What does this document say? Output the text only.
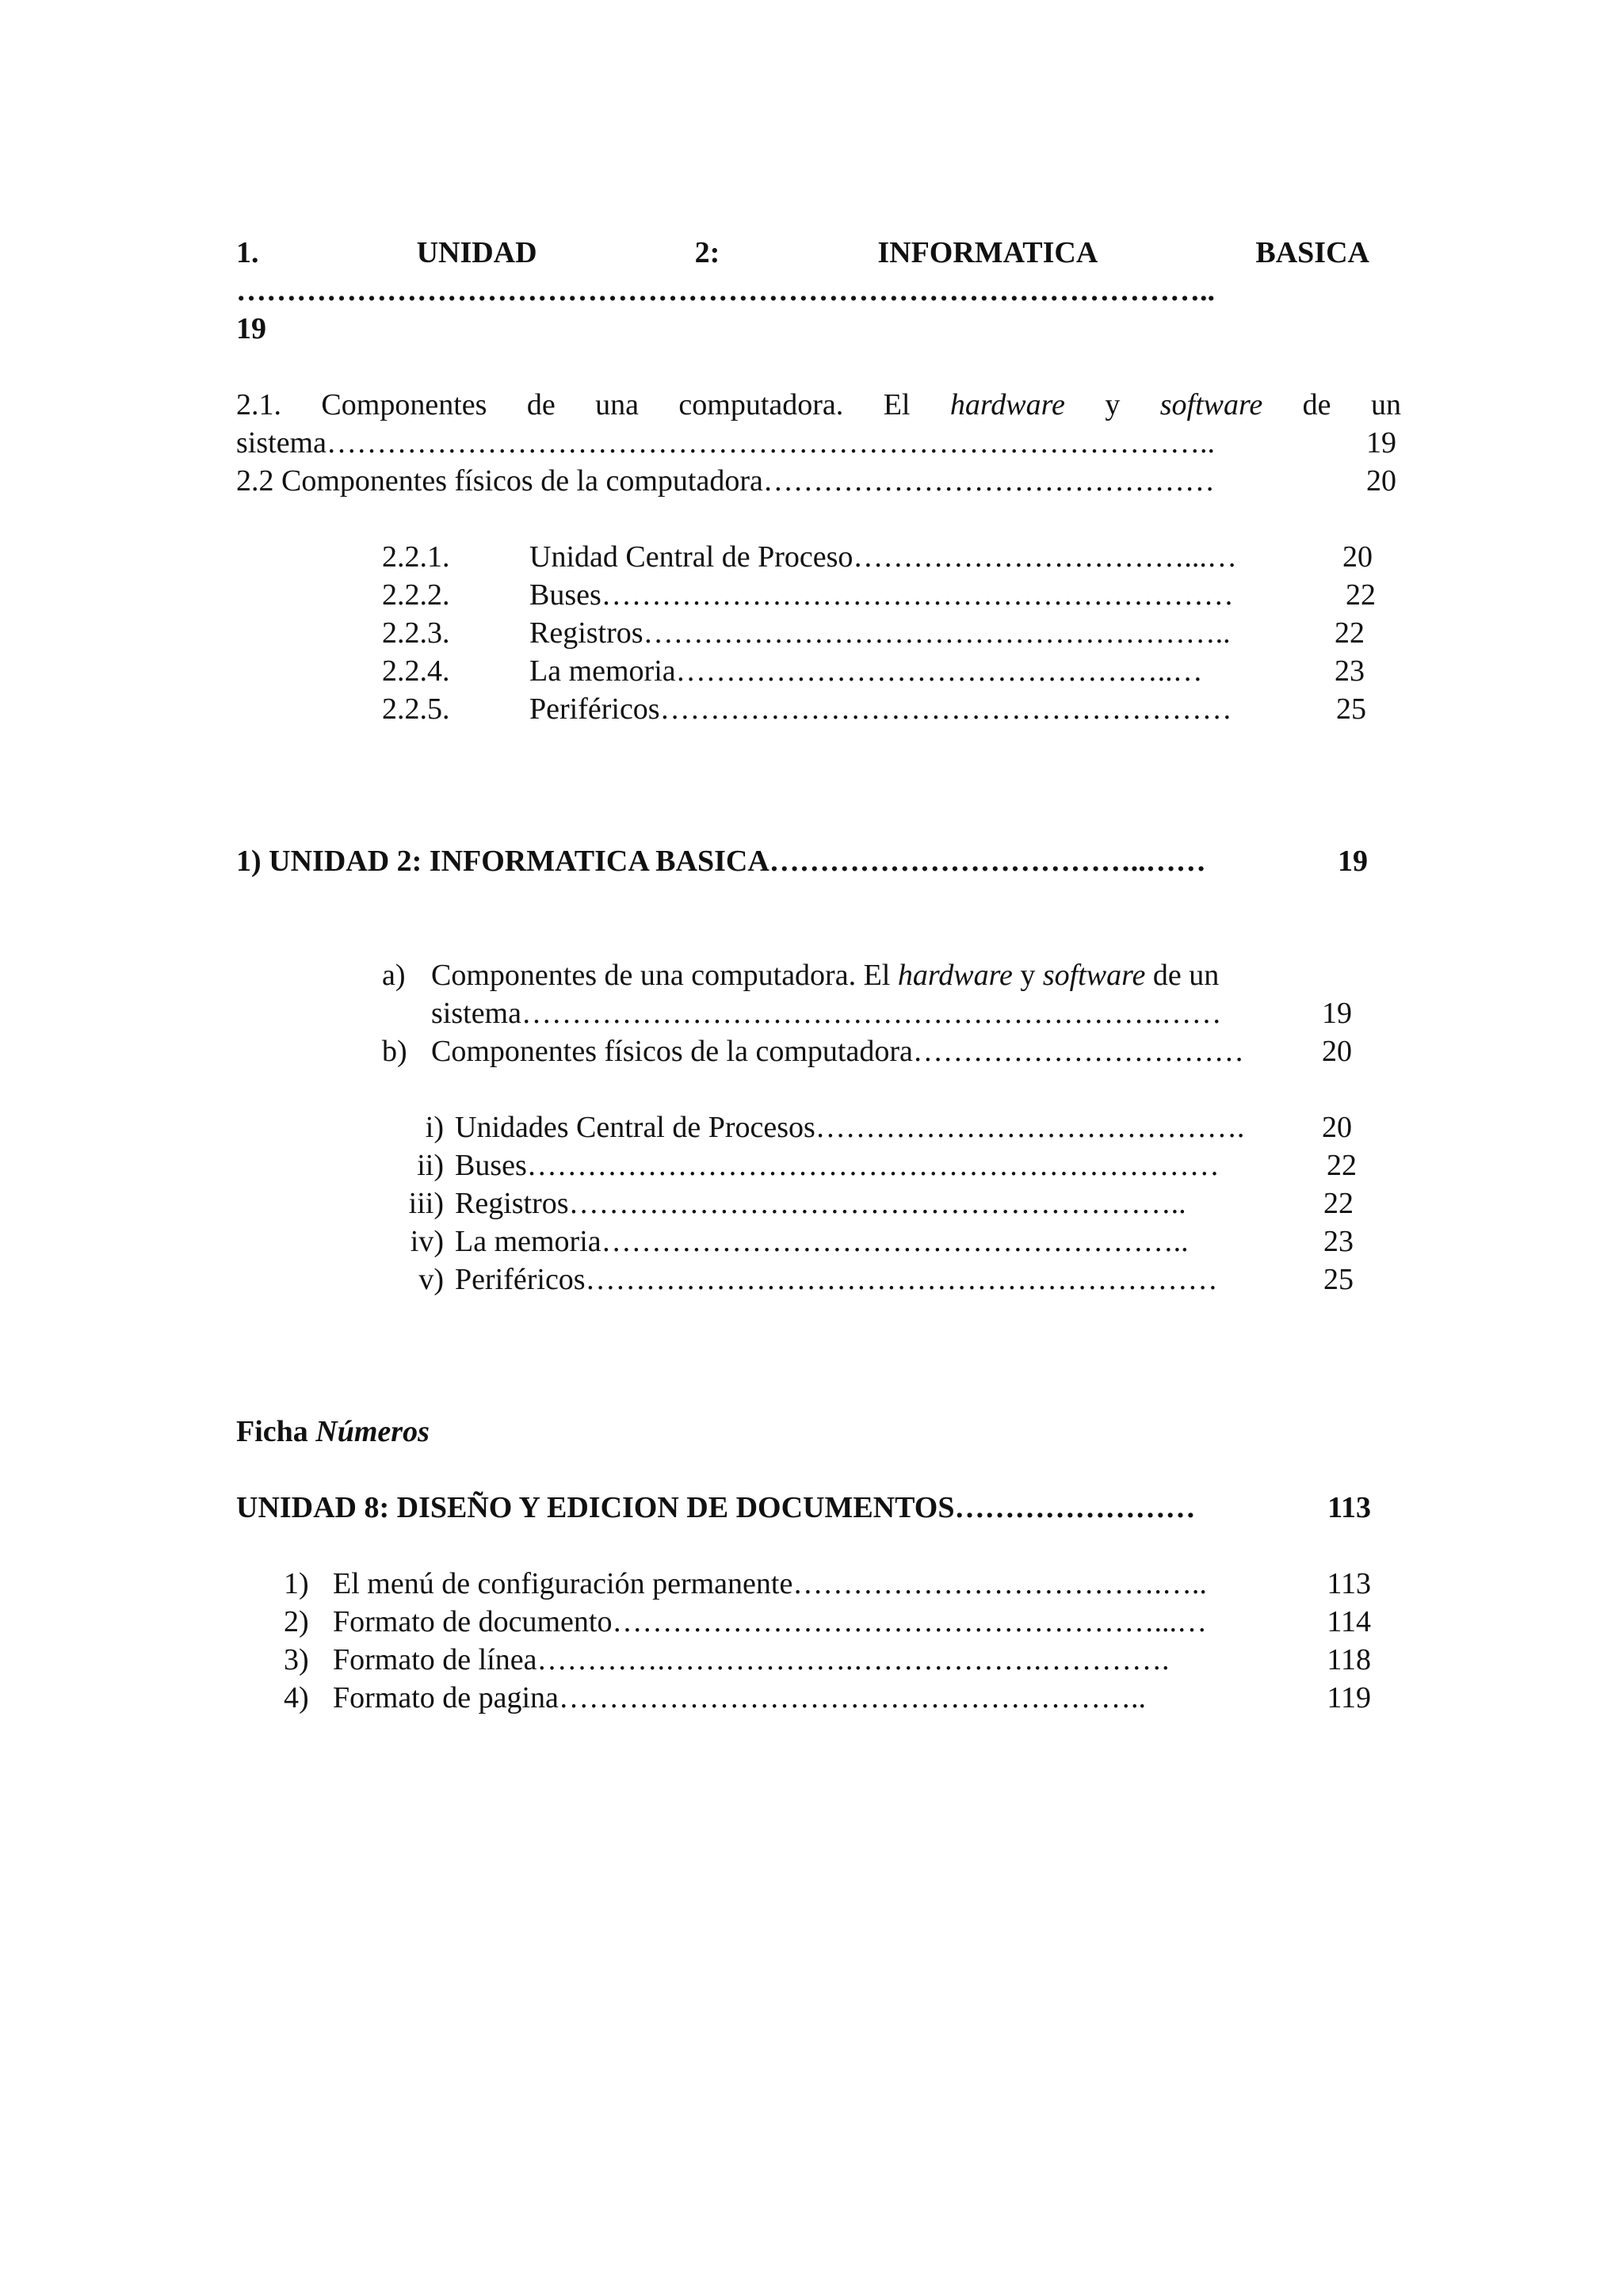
1.	UNIDAD	2:	INFORMATICA	BASICA
……………………………………………………………………………………..
19
2.1. Componentes de una computadora. El hardware y software de un
sistema ……………………………………………………………………………..	19
2.2 Componentes físicos de la computadora ………………………………………	20
2.2.1.	Unidad Central de Proceso ……………………………...…	20
2.2.2.	Buses ………………………………………………………	22
2.2.3.	Registros …………………………………………………..	22
2.2.4.	La memoria …………………………………………..…	23
2.2.5.	Periféricos …………………………………………………	25
1) UNIDAD 2: INFORMATICA BASICA ………………………………..……	19
a) Componentes de una computadora. El hardware y software de un
sistema ……………………………………………………….……	19
b) Componentes físicos de la computadora ……………………………	20
i) Unidades Central de Procesos …………………………………….	20
ii) Buses ……………………………………………………………	22
iii) Registros ……………………………………………………..	22
iv) La memoria …………………………………………………..	23
v) Periféricos ………………………………………………………	25
Ficha Números
UNIDAD 8: DISEÑO Y EDICION DE DOCUMENTOS ……………………	113
1) El menú de configuración permanente ……………………………….…..	113
2) Formato de documento ………………………………………………...…	114
3) Formato de línea ………….……………….……………….………….	118
4) Formato de pagina …………………………………………………..	119
